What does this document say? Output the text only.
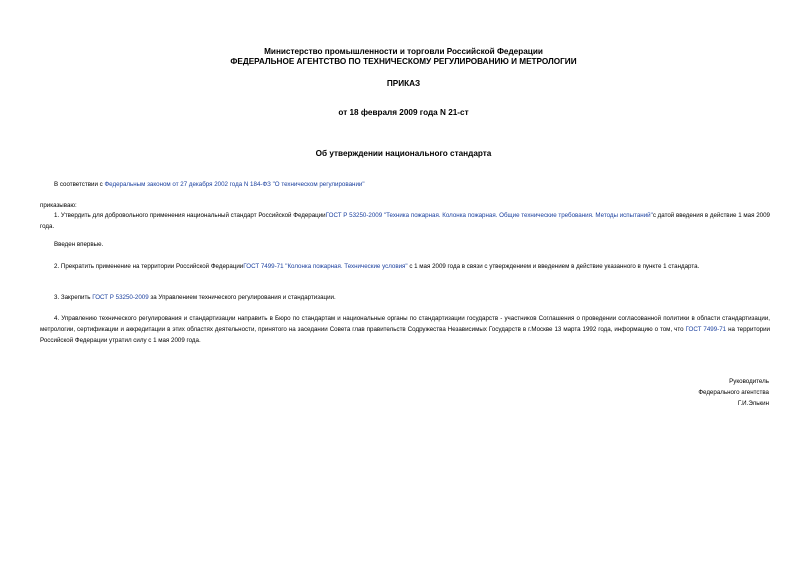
Министерство промышленности и торговли Российской Федерации
ФЕДЕРАЛЬНОЕ АГЕНТСТВО ПО ТЕХНИЧЕСКОМУ РЕГУЛИРОВАНИЮ И МЕТРОЛОГИИ
ПРИКАЗ
от 18 февраля 2009 года N 21-ст
Об утверждении национального стандарта
В соответствии с Федеральным законом от 27 декабря 2002 года N 184-ФЗ "О техническом регулировании"
приказываю:
1. Утвердить для добровольного применения национальный стандарт Российской ФедерацииГОСТ Р 53250-2009 "Техника пожарная. Колонка пожарная. Общие технические требования. Методы испытаний"с датой введения в действие 1 мая 2009 года.
Введен впервые.
2. Прекратить применение на территории Российской ФедерацииГОСТ 7499-71 "Колонка пожарная. Технические условия" с 1 мая 2009 года в связи с утверждением и введением в действие указанного в пункте 1 стандарта.
3. Закрепить ГОСТ Р 53250-2009 за Управлением технического регулирования и стандартизации.
4. Управлению технического регулирования и стандартизации направить в Бюро по стандартам и национальные органы по стандартизации государств - участников Соглашения о проведении согласованной политики в области стандартизации, метрологии, сертификации и аккредитации в этих областях деятельности, принятого на заседании Совета глав правительств Содружества Независимых Государств в г.Москве 13 марта 1992 года, информацию о том, что ГОСТ 7499-71 на территории Российской Федерации утратил силу с 1 мая 2009 года.
Руководитель
Федерального агентства
Г.И.Элькин
